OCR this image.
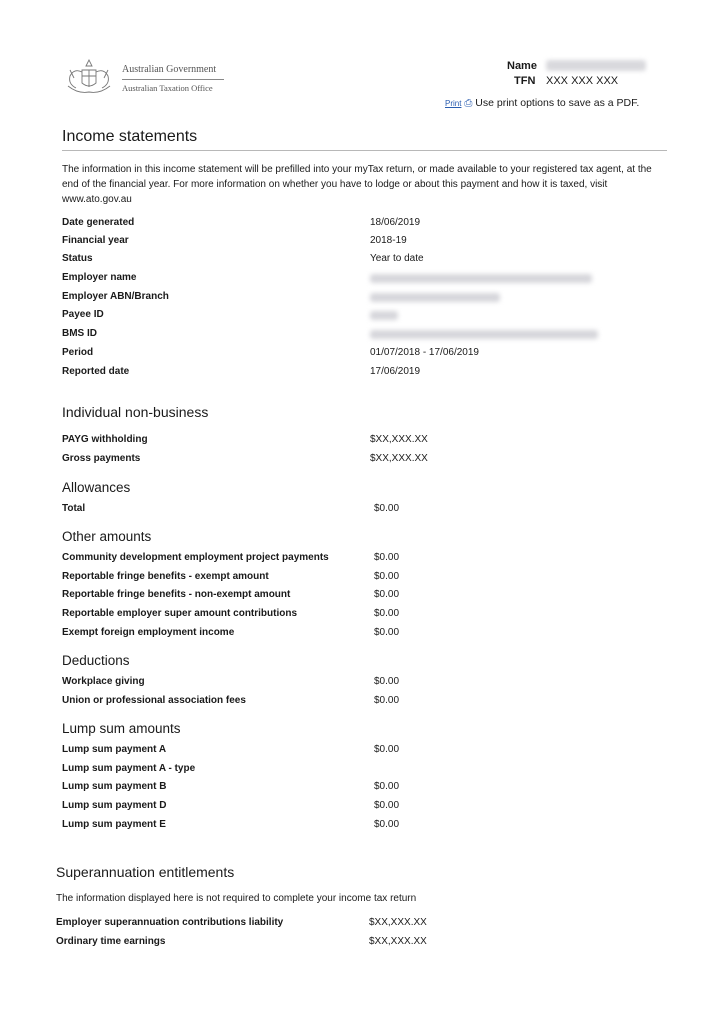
Australian Government
Australian Taxation Office
Name
TFN XXX XXX XXX
Print ⎙ Use print options to save as a PDF.
Income statements
The information in this income statement will be prefilled into your myTax return, or made available to your registered tax agent, at the end of the financial year. For more information on whether you have to lodge or about this payment and how it is taxed, visit www.ato.gov.au
Date generated	18/06/2019
Financial year	2018-19
Status	Year to date
Employer name
Employer ABN/Branch
Payee ID
BMS ID
Period	01/07/2018 - 17/06/2019
Reported date	17/06/2019
Individual non-business
PAYG withholding	$XX,XXX.XX
Gross payments	$XX,XXX.XX
Allowances
Total	$0.00
Other amounts
Community development employment project payments	$0.00
Reportable fringe benefits - exempt amount	$0.00
Reportable fringe benefits - non-exempt amount	$0.00
Reportable employer super amount contributions	$0.00
Exempt foreign employment income	$0.00
Deductions
Workplace giving	$0.00
Union or professional association fees	$0.00
Lump sum amounts
Lump sum payment A	$0.00
Lump sum payment A - type
Lump sum payment B	$0.00
Lump sum payment D	$0.00
Lump sum payment E	$0.00
Superannuation entitlements
The information displayed here is not required to complete your income tax return
Employer superannuation contributions liability	$XX,XXX.XX
Ordinary time earnings	$XX,XXX.XX
